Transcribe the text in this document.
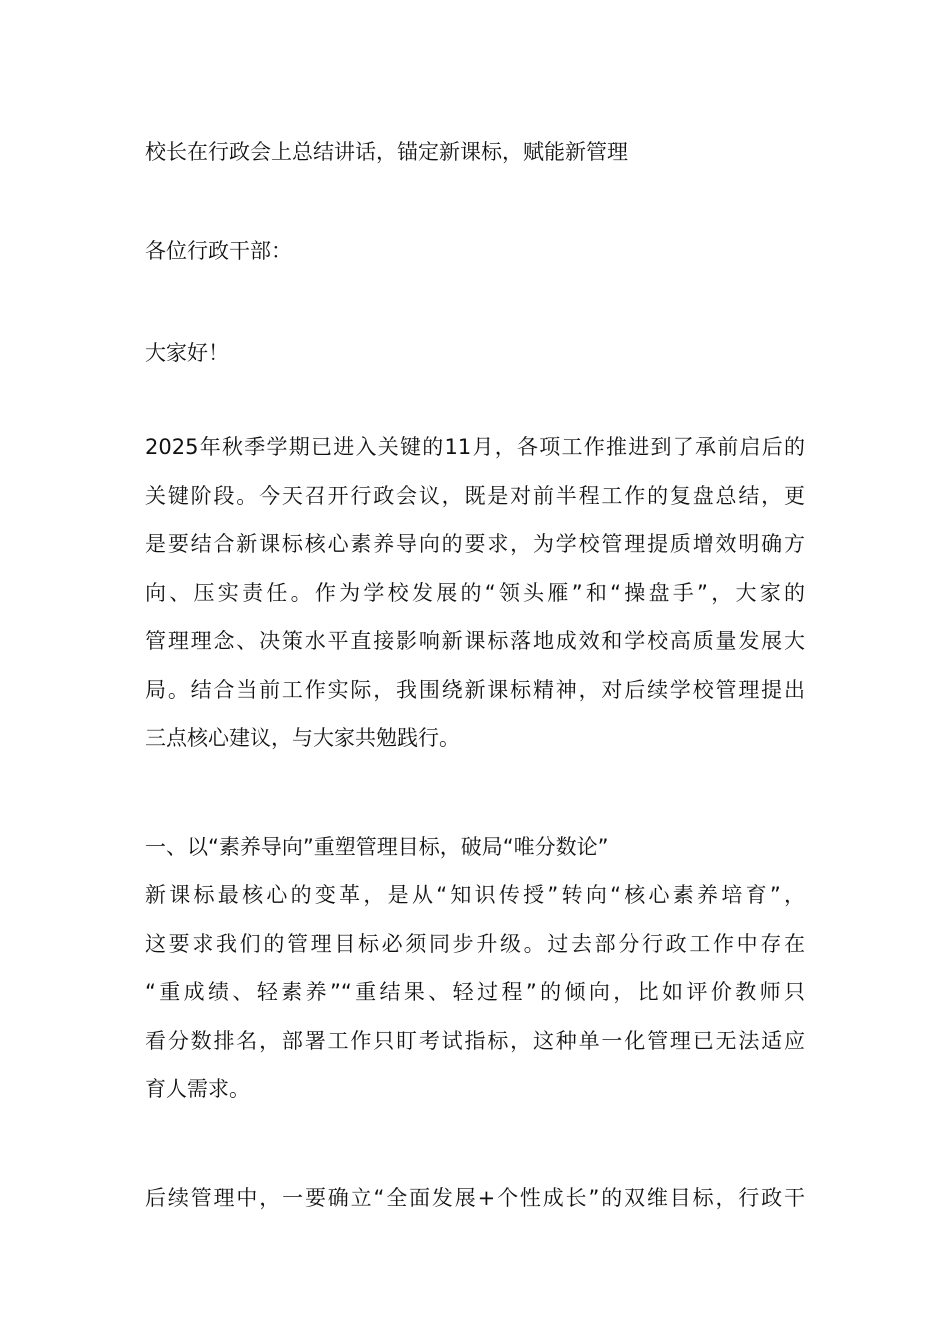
校长在行政会上总结讲话，锚定新课标，赋能新管理

各位行政干部：

大家好！

2025年秋季学期已进入关键的11月，各项工作推进到了承前启后的
关键阶段。今天召开行政会议，既是对前半程工作的复盘总结，更
是要结合新课标核心素养导向的要求，为学校管理提质增效明确方
向、压实责任。作为学校发展的“领头雁”和“操盘手”，大家的
管理理念、决策水平直接影响新课标落地成效和学校高质量发展大
局。结合当前工作实际，我围绕新课标精神，对后续学校管理提出
三点核心建议，与大家共勉践行。

一、以“素养导向”重塑管理目标，破局“唯分数论”

新课标最核心的变革，是从“知识传授”转向“核心素养培育”，
这要求我们的管理目标必须同步升级。过去部分行政工作中存在
“重成绩、轻素养”“重结果、轻过程”的倾向，比如评价教师只
看分数排名，部署工作只盯考试指标，这种单一化管理已无法适应
育人需求。
后续管理中，一要确立“全面发展+个性成长”的双维目标，行政干
